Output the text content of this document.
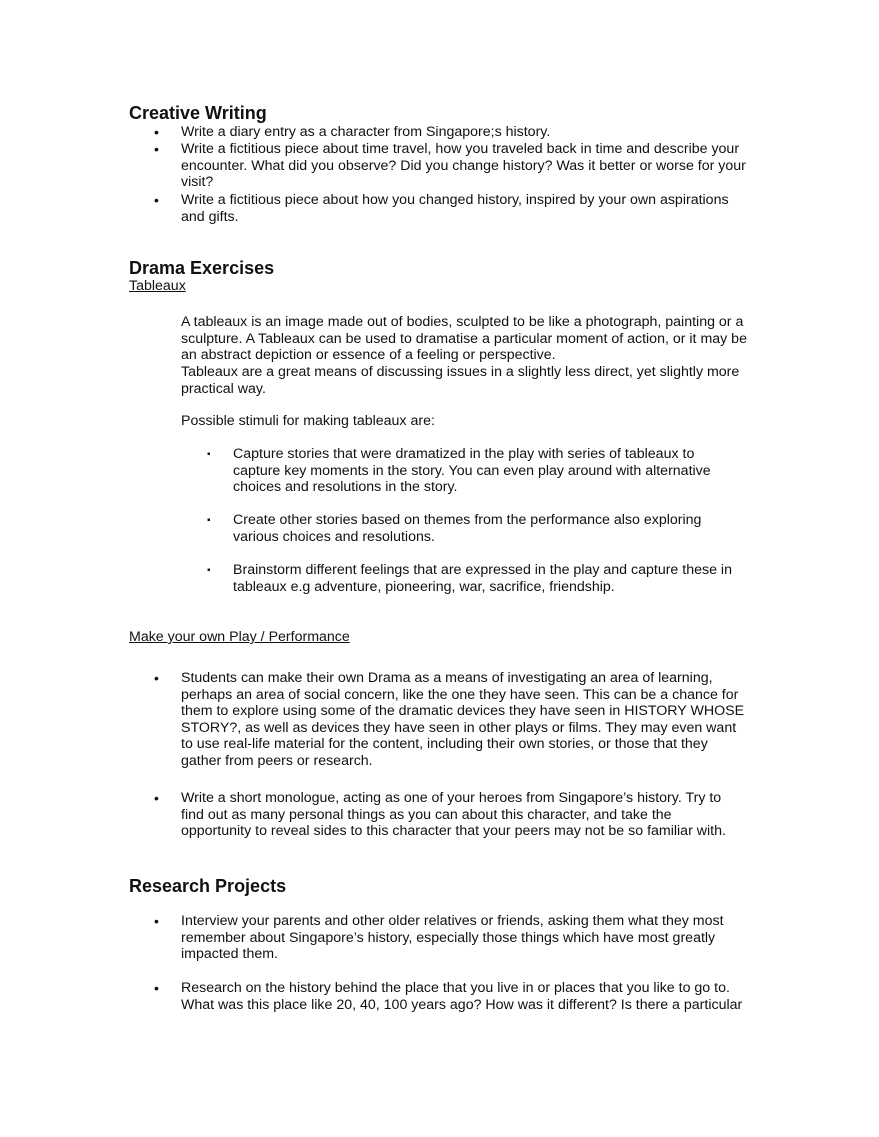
Creative Writing
•	Write a diary entry as a character from Singapore;s history.

•	Write a fictitious piece about time travel, how you traveled back in time and describe your encounter. What did you observe? Did you change history? Was it better or worse for your visit?

•	Write a fictitious piece about how you changed history, inspired by your own aspirations and gifts.

Drama Exercises
Tableaux

A tableaux is an image made out of bodies, sculpted to be like a photograph, painting or a sculpture. A Tableaux can be used to dramatise a particular moment of action, or it may be an abstract depiction or essence of a feeling or perspective.

Tableaux are a great means of discussing issues in a slightly less direct, yet slightly more practical way.

Possible stimuli for making tableaux are:

▪	Capture stories that were dramatized in the play with series of tableaux to capture key moments in the story. You can even play around with alternative choices and resolutions in the story.

▪	Create other stories based on themes from the performance also exploring various choices and resolutions.

▪	Brainstorm different feelings that are expressed in the play and capture these in tableaux e.g adventure, pioneering, war, sacrifice, friendship.

Make your own Play / Performance
•	Students can make their own Drama as a means of investigating an area of learning, perhaps an area of social concern, like the one they have seen. This can be a chance for them to explore using some of the dramatic devices they have seen in HISTORY WHOSE STORY?, as well as devices they have seen in other plays or films. They may even want to use real-life material for the content, including their own stories, or those that they gather from peers or research.

•	Write a short monologue, acting as one of your heroes from Singapore’s history. Try to find out as many personal things as you can about this character, and take the opportunity to reveal sides to this character that your peers may not be so familiar with.

Research Projects
•	Interview your parents and other older relatives or friends, asking them what they most remember about Singapore’s history, especially those things which have most greatly impacted them.

•	Research on the history behind the place that you live in or places that you like to go to. What was this place like 20, 40, 100 years ago? How was it different? Is there a particular
